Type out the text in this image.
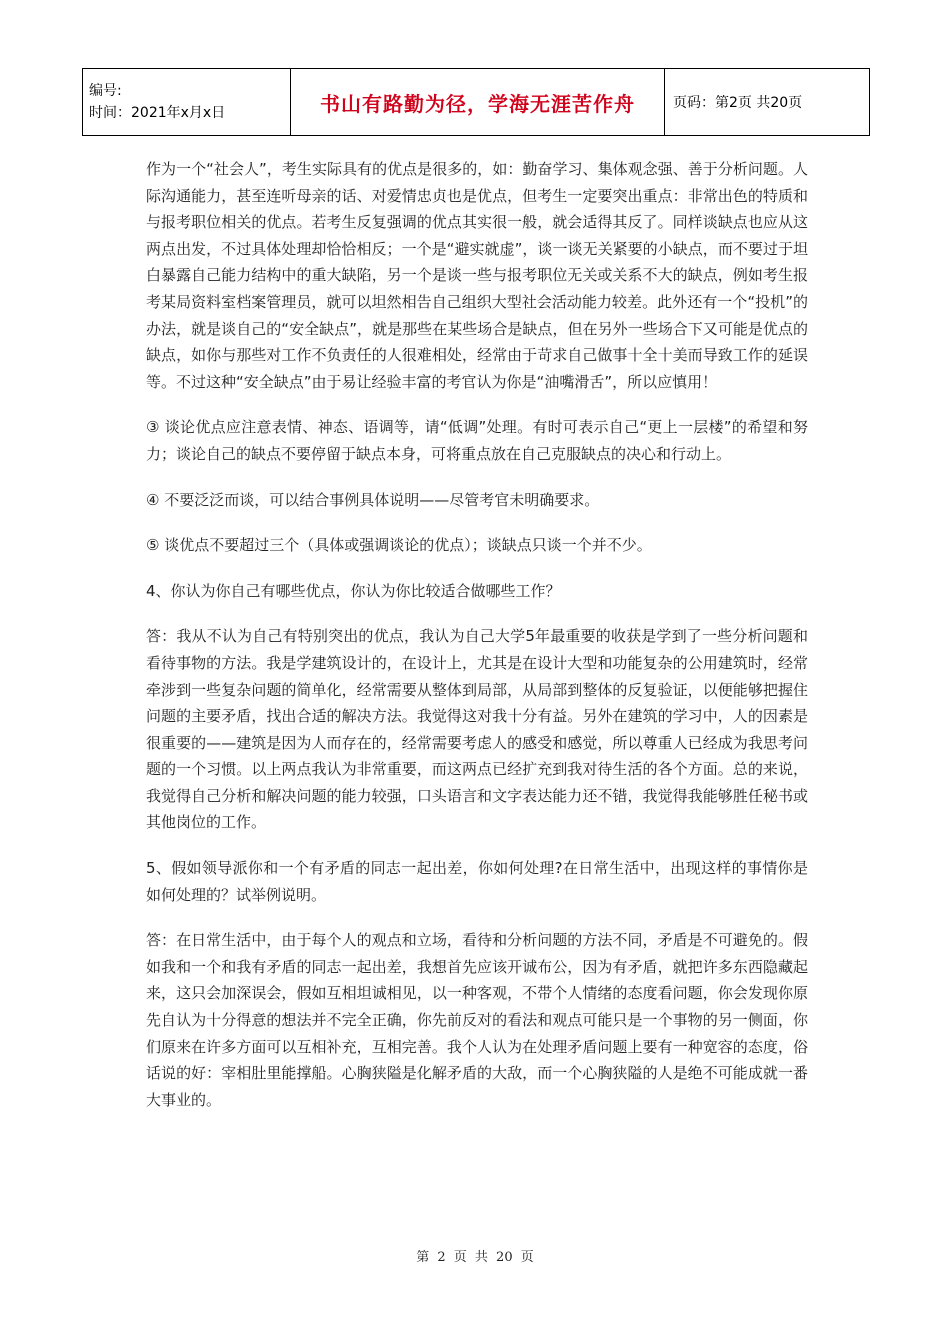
编号:
时间：2021年x月x日	书山有路勤为径，学海无涯苦作舟	页码：第2页 共20页

作为一个“社会人”，考生实际具有的优点是很多的，如：勤奋学习、集体观念强、善于分析问题。人际沟通能力，甚至连听母亲的话、对爱情忠贞也是优点，但考生一定要突出重点：非常出色的特质和与报考职位相关的优点。若考生反复强调的优点其实很一般，就会适得其反了。同样谈缺点也应从这两点出发，不过具体处理却恰恰相反；一个是“避实就虚”，谈一谈无关紧要的小缺点，而不要过于坦白暴露自己能力结构中的重大缺陷，另一个是谈一些与报考职位无关或关系不大的缺点，例如考生报考某局资料室档案管理员，就可以坦然相告自己组织大型社会活动能力较差。此外还有一个“投机”的办法，就是谈自己的“安全缺点”，就是那些在某些场合是缺点，但在另外一些场合下又可能是优点的缺点，如你与那些对工作不负责任的人很难相处，经常由于苛求自己做事十全十美而导致工作的延误等。不过这种“安全缺点”由于易让经验丰富的考官认为你是“油嘴滑舌”，所以应慎用！

③ 谈论优点应注意表情、神态、语调等，请“低调”处理。有时可表示自己“更上一层楼”的希望和努力；谈论自己的缺点不要停留于缺点本身，可将重点放在自己克服缺点的决心和行动上。

④ 不要泛泛而谈，可以结合事例具体说明——尽管考官未明确要求。

⑤ 谈优点不要超过三个（具体或强调谈论的优点）；谈缺点只谈一个并不少。

4、你认为你自己有哪些优点，你认为你比较适合做哪些工作？

答：我从不认为自己有特别突出的优点，我认为自己大学5年最重要的收获是学到了一些分析问题和看待事物的方法。我是学建筑设计的，在设计上，尤其是在设计大型和功能复杂的公用建筑时，经常牵涉到一些复杂问题的简单化，经常需要从整体到局部，从局部到整体的反复验证，以便能够把握住问题的主要矛盾，找出合适的解决方法。我觉得这对我十分有益。另外在建筑的学习中，人的因素是很重要的——建筑是因为人而存在的，经常需要考虑人的感受和感觉，所以尊重人已经成为我思考问题的一个习惯。以上两点我认为非常重要，而这两点已经扩充到我对待生活的各个方面。总的来说，我觉得自己分析和解决问题的能力较强，口头语言和文字表达能力还不错，我觉得我能够胜任秘书或其他岗位的工作。

5、假如领导派你和一个有矛盾的同志一起出差，你如何处理?在日常生活中，出现这样的事情你是如何处理的？试举例说明。

答：在日常生活中，由于每个人的观点和立场，看待和分析问题的方法不同，矛盾是不可避免的。假如我和一个和我有矛盾的同志一起出差，我想首先应该开诚布公，因为有矛盾，就把许多东西隐藏起来，这只会加深误会，假如互相坦诚相见，以一种客观，不带个人情绪的态度看问题，你会发现你原先自认为十分得意的想法并不完全正确，你先前反对的看法和观点可能只是一个事物的另一侧面，你们原来在许多方面可以互相补充，互相完善。我个人认为在处理矛盾问题上要有一种宽容的态度，俗话说的好：宰相肚里能撑船。心胸狭隘是化解矛盾的大敌，而一个心胸狭隘的人是绝不可能成就一番大事业的。

第 2 页 共 20 页
